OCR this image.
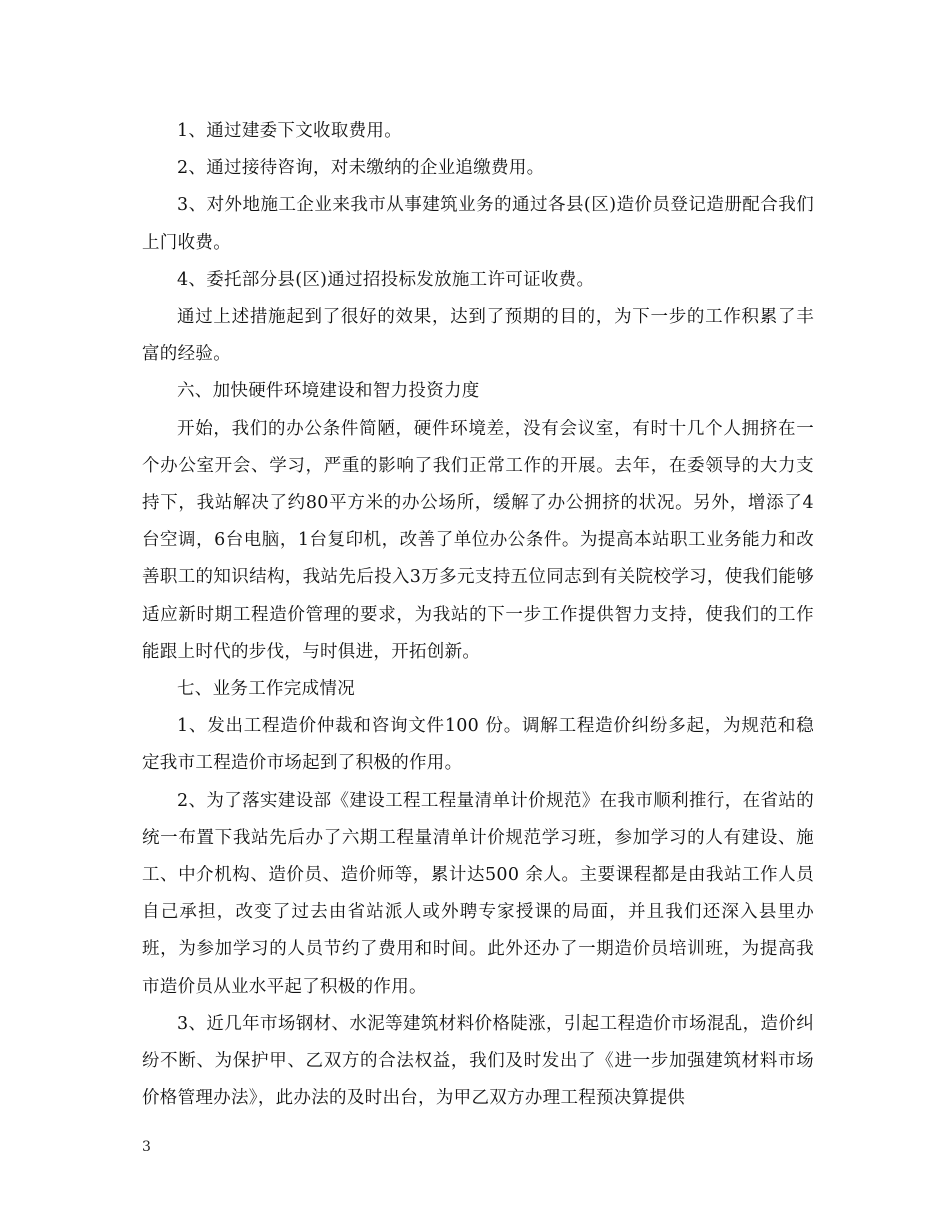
1、通过建委下文收取费用。

2、通过接待咨询，对未缴纳的企业追缴费用。

3、对外地施工企业来我市从事建筑业务的通过各县(区)造价员登记造册配合我们上门收费。

4、委托部分县(区)通过招投标发放施工许可证收费。

通过上述措施起到了很好的效果，达到了预期的目的，为下一步的工作积累了丰富的经验。

六、加快硬件环境建设和智力投资力度

开始，我们的办公条件简陋，硬件环境差，没有会议室，有时十几个人拥挤在一个办公室开会、学习，严重的影响了我们正常工作的开展。去年，在委领导的大力支持下，我站解决了约80平方米的办公场所，缓解了办公拥挤的状况。另外，增添了4台空调，6台电脑，1台复印机，改善了单位办公条件。为提高本站职工业务能力和改善职工的知识结构，我站先后投入3万多元支持五位同志到有关院校学习，使我们能够适应新时期工程造价管理的要求，为我站的下一步工作提供智力支持，使我们的工作能跟上时代的步伐，与时俱进，开拓创新。

七、业务工作完成情况

1、发出工程造价仲裁和咨询文件100 份。调解工程造价纠纷多起，为规范和稳定我市工程造价市场起到了积极的作用。

2、为了落实建设部《建设工程工程量清单计价规范》在我市顺利推行，在省站的统一布置下我站先后办了六期工程量清单计价规范学习班，参加学习的人有建设、施工、中介机构、造价员、造价师等，累计达500 余人。主要课程都是由我站工作人员自己承担，改变了过去由省站派人或外聘专家授课的局面，并且我们还深入县里办班，为参加学习的人员节约了费用和时间。此外还办了一期造价员培训班，为提高我市造价员从业水平起了积极的作用。

3、近几年市场钢材、水泥等建筑材料价格陡涨，引起工程造价市场混乱，造价纠纷不断、为保护甲、乙双方的合法权益，我们及时发出了《进一步加强建筑材料市场价格管理办法》，此办法的及时出台，为甲乙双方办理工程预决算提供

3
